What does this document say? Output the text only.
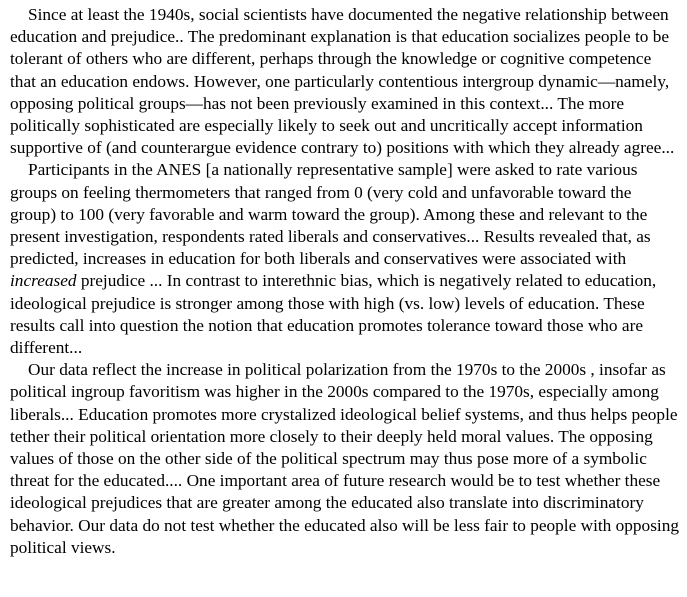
Since at least the 1940s, social scientists have documented the negative relationship between education and prejudice.. The predominant explanation is that education socializes people to be tolerant of others who are different, perhaps through the knowledge or cognitive competence that an education endows. However, one particularly contentious intergroup dynamic—namely, opposing political groups—has not been previously examined in this context... The more politically sophisticated are especially likely to seek out and uncritically accept information supportive of (and counterargue evidence contrary to) positions with which they already agree...

Participants in the ANES [a nationally representative sample] were asked to rate various groups on feeling thermometers that ranged from 0 (very cold and unfavorable toward the group) to 100 (very favorable and warm toward the group). Among these and relevant to the present investigation, respondents rated liberals and conservatives... Results revealed that, as predicted, increases in education for both liberals and conservatives were associated with increased prejudice ... In contrast to interethnic bias, which is negatively related to education, ideological prejudice is stronger among those with high (vs. low) levels of education. These results call into question the notion that education promotes tolerance toward those who are different...

Our data reflect the increase in political polarization from the 1970s to the 2000s , insofar as political ingroup favoritism was higher in the 2000s compared to the 1970s, especially among liberals... Education promotes more crystalized ideological belief systems, and thus helps people tether their political orientation more closely to their deeply held moral values. The opposing values of those on the other side of the political spectrum may thus pose more of a symbolic threat for the educated.... One important area of future research would be to test whether these ideological prejudices that are greater among the educated also translate into discriminatory behavior. Our data do not test whether the educated also will be less fair to people with opposing political views.
